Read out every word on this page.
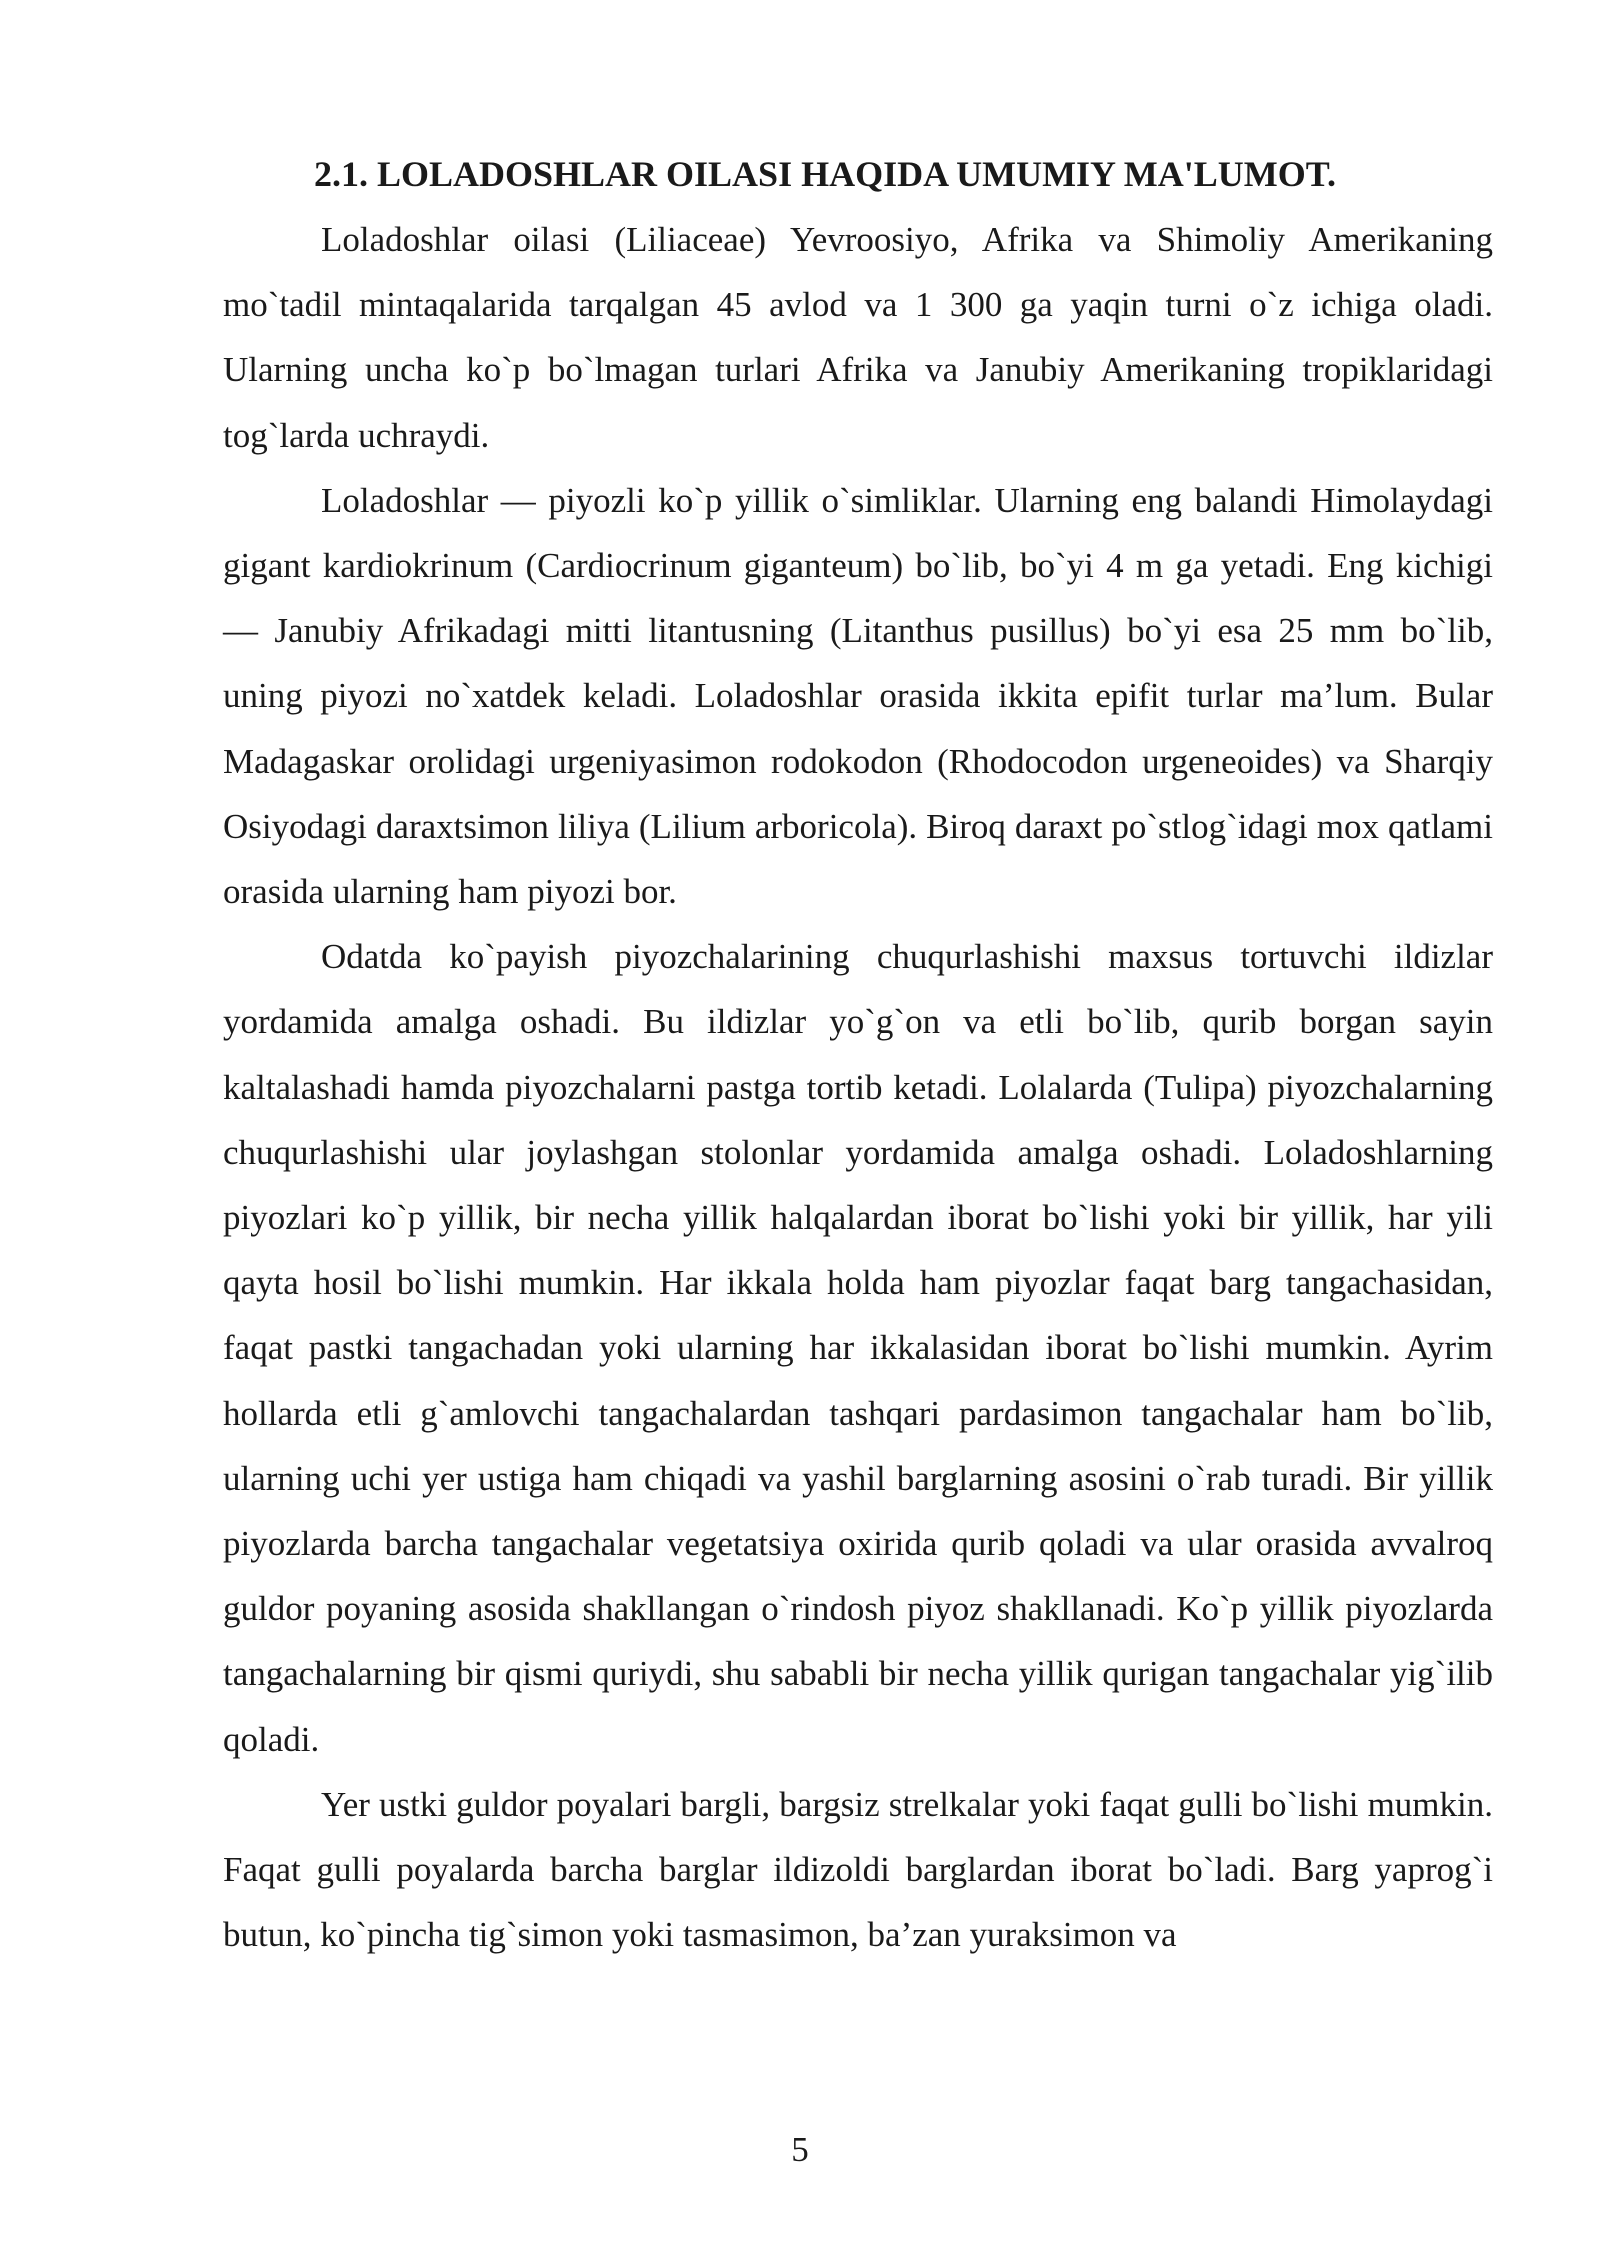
2.1. LOLADOSHLAR OILASI HAQIDA UMUMIY MA'LUMOT.

Loladoshlar oilasi (Liliaceae) Yevroosiyo, Afrika va Shimoliy Amerikaning mo`tadil mintaqalarida tarqalgan 45 avlod va 1 300 ga yaqin turni o`z ichiga oladi. Ularning uncha ko`p bo`lmagan turlari Afrika va Janubiy Amerikaning tropiklaridagi tog`larda uchraydi.

Loladoshlar — piyozli ko`p yillik o`simliklar. Ularning eng balandi Himolaydagi gigant kardiokrinum (Cardiocrinum giganteum) bo`lib, bo`yi 4 m ga yetadi. Eng kichigi — Janubiy Afrikadagi mitti litantusning (Litanthus pusillus) bo`yi esa 25 mm bo`lib, uning piyozi no`xatdek keladi. Loladoshlar orasida ikkita epifit turlar ma’lum. Bular Madagaskar orolidagi urgeniyasimon rodokodon (Rhodocodon urgeneoides) va Sharqiy Osiyodagi daraxtsimon liliya (Lilium arboricola). Biroq daraxt po`stlog`idagi mox qatlami orasida ularning ham piyozi bor.

Odatda ko`payish piyozchalarining chuqurlashishi maxsus tortuvchi ildizlar yordamida amalga oshadi. Bu ildizlar yo`g`on va etli bo`lib, qurib borgan sayin kaltalashadi hamda piyozchalarni pastga tortib ketadi. Lolalarda (Tulipa) piyozchalarning chuqurlashishi ular joylashgan stolonlar yordamida amalga oshadi. Loladoshlarning piyozlari ko`p yillik, bir necha yillik halqalardan iborat bo`lishi yoki bir yillik, har yili qayta hosil bo`lishi mumkin. Har ikkala holda ham piyozlar faqat barg tangachasidan, faqat pastki tangachadan yoki ularning har ikkalasidan iborat bo`lishi mumkin. Ayrim hollarda etli g`amlovchi tangachalardan tashqari pardasimon tangachalar ham bo`lib, ularning uchi yer ustiga ham chiqadi va yashil barglarning asosini o`rab turadi. Bir yillik piyozlarda barcha tangachalar vegetatsiya oxirida qurib qoladi va ular orasida avvalroq guldor poyaning asosida shakllangan o`rindosh piyoz shakllanadi. Ko`p yillik piyozlarda tangachalarning bir qismi quriydi, shu sababli bir necha yillik qurigan tangachalar yig`ilib qoladi.

Yer ustki guldor poyalari bargli, bargsiz strelkalar yoki faqat gulli bo`lishi mumkin. Faqat gulli poyalarda barcha barglar ildizoldi barglardan iborat bo`ladi. Barg yaprog`i butun, ko`pincha tig`simon yoki tasmasimon, ba’zan yuraksimon va

5
